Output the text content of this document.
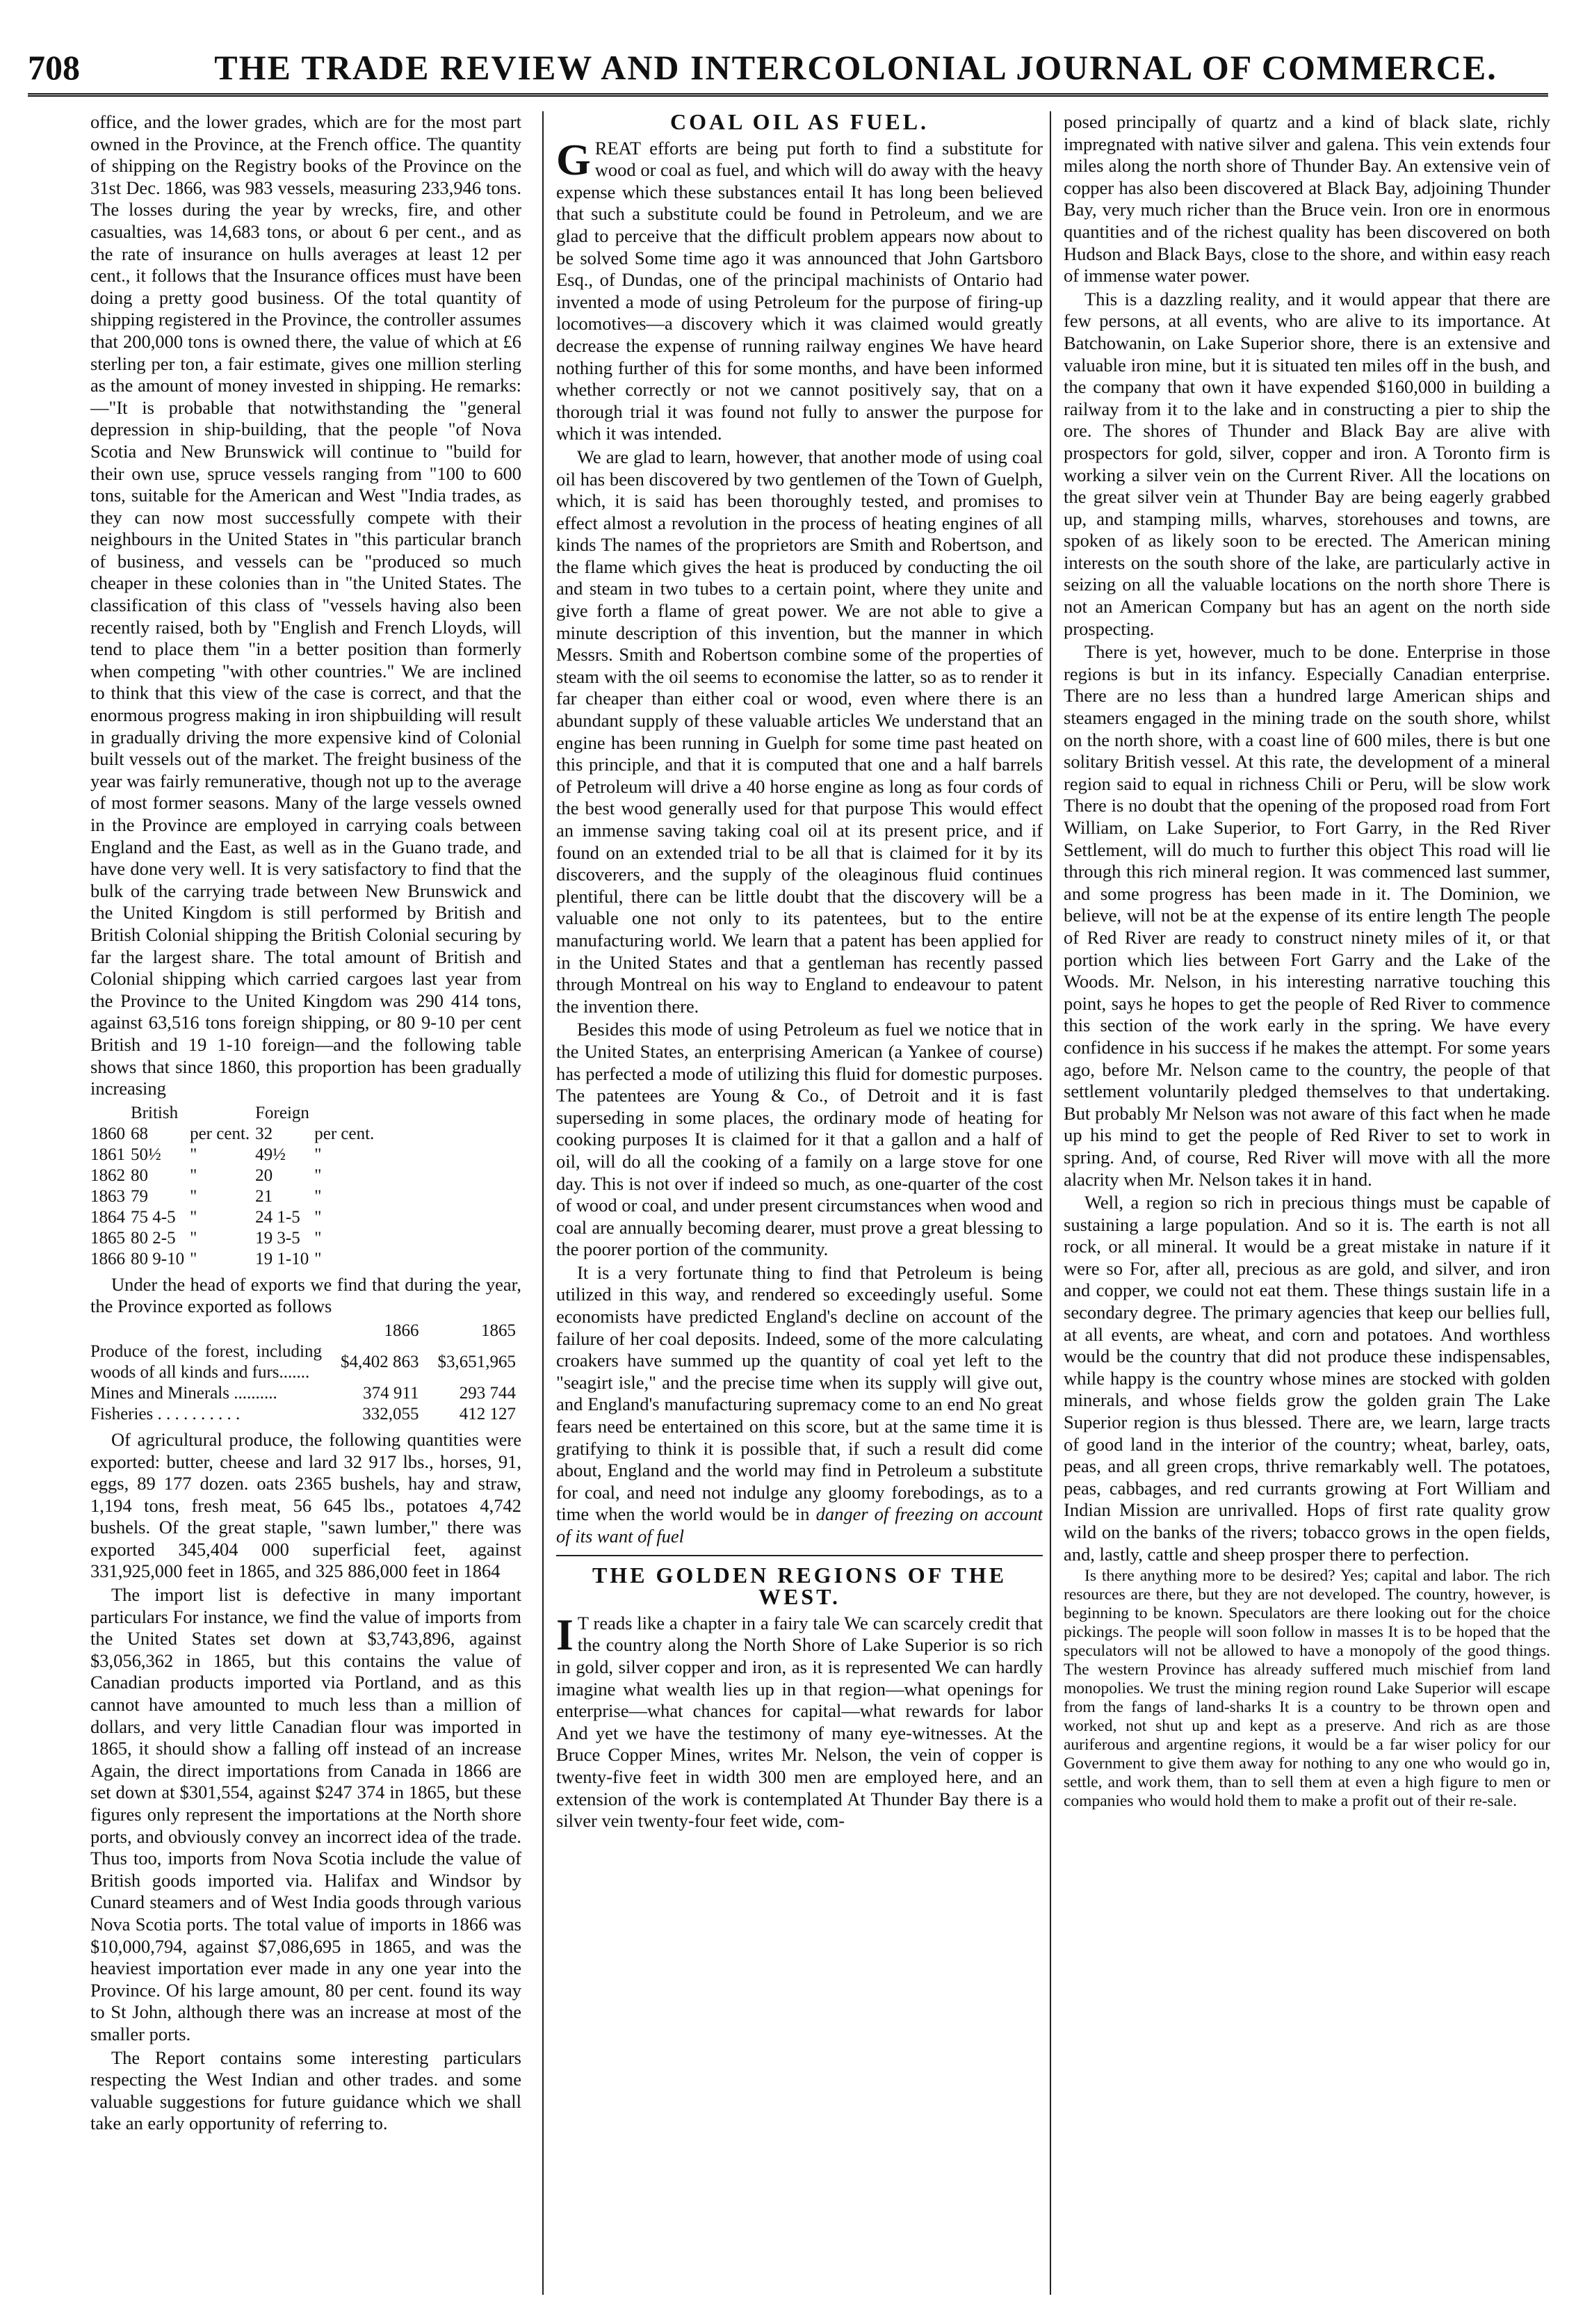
708	THE TRADE REVIEW AND INTERCOLONIAL JOURNAL OF COMMERCE.

office, and the lower grades, which are for the most part owned in the Province, at the French office. The quantity of shipping on the Registry books of the Province on the 31st Dec. 1866, was 983 vessels, measuring 233,946 tons. The losses during the year by wrecks, fire, and other casualties, was 14,683 tons, or about 6 per cent., and as the rate of insurance on hulls averages at least 12 per cent., it follows that the Insurance offices must have been doing a pretty good business. Of the total quantity of shipping registered in the Province, the controller assumes that 200,000 tons is owned there, the value of which at £6 sterling per ton, a fair estimate, gives one million sterling as the amount of money invested in shipping. He remarks:—"It is probable that notwithstanding the "general depression in ship-building, that the people "of Nova Scotia and New Brunswick will continue to "build for their own use, spruce vessels ranging from "100 to 600 tons, suitable for the American and West "India trades, as they can now most successfully compete with their neighbours in the United States in "this particular branch of business, and vessels can be "produced so much cheaper in these colonies than in "the United States. The classification of this class of "vessels having also been recently raised, both by "English and French Lloyds, will tend to place them "in a better position than formerly when competing "with other countries." We are inclined to think that this view of the case is correct, and that the enormous progress making in iron shipbuilding will result in gradually driving the more expensive kind of Colonial built vessels out of the market. The freight business of the year was fairly remunerative, though not up to the average of most former seasons. Many of the large vessels owned in the Province are employed in carrying coals between England and the East, as well as in the Guano trade, and have done very well. It is very satisfactory to find that the bulk of the carrying trade between New Brunswick and the United Kingdom is still performed by British and British Colonial shipping the British Colonial securing by far the largest share. The total amount of British and Colonial shipping which carried cargoes last year from the Province to the United Kingdom was 290 414 tons, against 63,516 tons foreign shipping, or 80 9-10 per cent British and 19 1-10 foreign—and the following table shows that since 1860, this proportion has been gradually increasing

	British		Foreign	
1860	68	per cent.	32	per cent.
1861	50½	"	49½	"
1862	80	"	20	"
1863	79	"	21	"
1864	75 4-5	"	24 1-5	"
1865	80 2-5	"	19 3-5	"
1866	80 9-10	"	19 1-10	"

Under the head of exports we find that during the year, the Province exported as follows

	1866	1865
Produce of the forest, including woods of all kinds and furs.......	$4,402 863	$3,651,965
Mines and Minerals ..........	374 911	293 744
Fisheries . . . . . . . . . .	332,055	412 127

Of agricultural produce, the following quantities were exported: butter, cheese and lard 32 917 lbs., horses, 91, eggs, 89 177 dozen. oats 2365 bushels, hay and straw, 1,194 tons, fresh meat, 56 645 lbs., potatoes 4,742 bushels. Of the great staple, "sawn lumber," there was exported 345,404 000 superficial feet, against 331,925,000 feet in 1865, and 325 886,000 feet in 1864

The import list is defective in many important particulars For instance, we find the value of imports from the United States set down at $3,743,896, against $3,056,362 in 1865, but this contains the value of Canadian products imported via Portland, and as this cannot have amounted to much less than a million of dollars, and very little Canadian flour was imported in 1865, it should show a falling off instead of an increase Again, the direct importations from Canada in 1866 are set down at $301,554, against $247 374 in 1865, but these figures only represent the importations at the North shore ports, and obviously convey an incorrect idea of the trade. Thus too, imports from Nova Scotia include the value of British goods imported via. Halifax and Windsor by Cunard steamers and of West India goods through various Nova Scotia ports. The total value of imports in 1866 was $10,000,794, against $7,086,695 in 1865, and was the heaviest importation ever made in any one year into the Province. Of his large amount, 80 per cent. found its way to St John, although there was an increase at most of the smaller ports.

The Report contains some interesting particulars respecting the West Indian and other trades. and some valuable suggestions for future guidance which we shall take an early opportunity of referring to.

COAL OIL AS FUEL.

GREAT efforts are being put forth to find a substitute for wood or coal as fuel, and which will do away with the heavy expense which these substances entail It has long been believed that such a substitute could be found in Petroleum, and we are glad to perceive that the difficult problem appears now about to be solved Some time ago it was announced that John Gartsboro Esq., of Dundas, one of the principal machinists of Ontario had invented a mode of using Petroleum for the purpose of firing-up locomotives—a discovery which it was claimed would greatly decrease the expense of running railway engines We have heard nothing further of this for some months, and have been informed whether correctly or not we cannot positively say, that on a thorough trial it was found not fully to answer the purpose for which it was intended.

We are glad to learn, however, that another mode of using coal oil has been discovered by two gentlemen of the Town of Guelph, which, it is said has been thoroughly tested, and promises to effect almost a revolution in the process of heating engines of all kinds The names of the proprietors are Smith and Robertson, and the flame which gives the heat is produced by conducting the oil and steam in two tubes to a certain point, where they unite and give forth a flame of great power. We are not able to give a minute description of this invention, but the manner in which Messrs. Smith and Robertson combine some of the properties of steam with the oil seems to economise the latter, so as to render it far cheaper than either coal or wood, even where there is an abundant supply of these valuable articles We understand that an engine has been running in Guelph for some time past heated on this principle, and that it is computed that one and a half barrels of Petroleum will drive a 40 horse engine as long as four cords of the best wood generally used for that purpose This would effect an immense saving taking coal oil at its present price, and if found on an extended trial to be all that is claimed for it by its discoverers, and the supply of the oleaginous fluid continues plentiful, there can be little doubt that the discovery will be a valuable one not only to its patentees, but to the entire manufacturing world. We learn that a patent has been applied for in the United States and that a gentleman has recently passed through Montreal on his way to England to endeavour to patent the invention there.

Besides this mode of using Petroleum as fuel we notice that in the United States, an enterprising American (a Yankee of course) has perfected a mode of utilizing this fluid for domestic purposes. The patentees are Young & Co., of Detroit and it is fast superseding in some places, the ordinary mode of heating for cooking purposes It is claimed for it that a gallon and a half of oil, will do all the cooking of a family on a large stove for one day. This is not over if indeed so much, as one-quarter of the cost of wood or coal, and under present circumstances when wood and coal are annually becoming dearer, must prove a great blessing to the poorer portion of the community.

It is a very fortunate thing to find that Petroleum is being utilized in this way, and rendered so exceedingly useful. Some economists have predicted England's decline on account of the failure of her coal deposits. Indeed, some of the more calculating croakers have summed up the quantity of coal yet left to the "seagirt isle," and the precise time when its supply will give out, and England's manufacturing supremacy come to an end No great fears need be entertained on this score, but at the same time it is gratifying to think it is possible that, if such a result did come about, England and the world may find in Petroleum a substitute for coal, and need not indulge any gloomy forebodings, as to a time when the world would be in danger of freezing on account of its want of fuel

THE GOLDEN REGIONS OF THE WEST.

I T reads like a chapter in a fairy tale We can scarcely credit that the country along the North Shore of Lake Superior is so rich in gold, silver copper and iron, as it is represented We can hardly imagine what wealth lies up in that region—what openings for enterprise—what chances for capital—what rewards for labor And yet we have the testimony of many eye-witnesses. At the Bruce Copper Mines, writes Mr. Nelson, the vein of copper is twenty-five feet in width 300 men are employed here, and an extension of the work is contemplated At Thunder Bay there is a silver vein twenty-four feet wide, com-

posed principally of quartz and a kind of black slate, richly impregnated with native silver and galena. This vein extends four miles along the north shore of Thunder Bay. An extensive vein of copper has also been discovered at Black Bay, adjoining Thunder Bay, very much richer than the Bruce vein. Iron ore in enormous quantities and of the richest quality has been discovered on both Hudson and Black Bays, close to the shore, and within easy reach of immense water power.

This is a dazzling reality, and it would appear that there are few persons, at all events, who are alive to its importance. At Batchowanin, on Lake Superior shore, there is an extensive and valuable iron mine, but it is situated ten miles off in the bush, and the company that own it have expended $160,000 in building a railway from it to the lake and in constructing a pier to ship the ore. The shores of Thunder and Black Bay are alive with prospectors for gold, silver, copper and iron. A Toronto firm is working a silver vein on the Current River. All the locations on the great silver vein at Thunder Bay are being eagerly grabbed up, and stamping mills, wharves, storehouses and towns, are spoken of as likely soon to be erected. The American mining interests on the south shore of the lake, are particularly active in seizing on all the valuable locations on the north shore There is not an American Company but has an agent on the north side prospecting.

There is yet, however, much to be done. Enterprise in those regions is but in its infancy. Especially Canadian enterprise. There are no less than a hundred large American ships and steamers engaged in the mining trade on the south shore, whilst on the north shore, with a coast line of 600 miles, there is but one solitary British vessel. At this rate, the development of a mineral region said to equal in richness Chili or Peru, will be slow work There is no doubt that the opening of the proposed road from Fort William, on Lake Superior, to Fort Garry, in the Red River Settlement, will do much to further this object This road will lie through this rich mineral region. It was commenced last summer, and some progress has been made in it. The Dominion, we believe, will not be at the expense of its entire length The people of Red River are ready to construct ninety miles of it, or that portion which lies between Fort Garry and the Lake of the Woods. Mr. Nelson, in his interesting narrative touching this point, says he hopes to get the people of Red River to commence this section of the work early in the spring. We have every confidence in his success if he makes the attempt. For some years ago, before Mr. Nelson came to the country, the people of that settlement voluntarily pledged themselves to that undertaking. But probably Mr Nelson was not aware of this fact when he made up his mind to get the people of Red River to set to work in spring. And, of course, Red River will move with all the more alacrity when Mr. Nelson takes it in hand.

Well, a region so rich in precious things must be capable of sustaining a large population. And so it is. The earth is not all rock, or all mineral. It would be a great mistake in nature if it were so For, after all, precious as are gold, and silver, and iron and copper, we could not eat them. These things sustain life in a secondary degree. The primary agencies that keep our bellies full, at all events, are wheat, and corn and potatoes. And worthless would be the country that did not produce these indispensables, while happy is the country whose mines are stocked with golden minerals, and whose fields grow the golden grain The Lake Superior region is thus blessed. There are, we learn, large tracts of good land in the interior of the country; wheat, barley, oats, peas, and all green crops, thrive remarkably well. The potatoes, peas, cabbages, and red currants growing at Fort William and Indian Mission are unrivalled. Hops of first rate quality grow wild on the banks of the rivers; tobacco grows in the open fields, and, lastly, cattle and sheep prosper there to perfection.

Is there anything more to be desired? Yes; capital and labor. The rich resources are there, but they are not developed. The country, however, is beginning to be known. Speculators are there looking out for the choice pickings. The people will soon follow in masses It is to be hoped that the speculators will not be allowed to have a monopoly of the good things. The western Province has already suffered much mischief from land monopolies. We trust the mining region round Lake Superior will escape from the fangs of land-sharks It is a country to be thrown open and worked, not shut up and kept as a preserve. And rich as are those auriferous and argentine regions, it would be a far wiser policy for our Government to give them away for nothing to any one who would go in, settle, and work them, than to sell them at even a high figure to men or companies who would hold them to make a profit out of their re-sale.
